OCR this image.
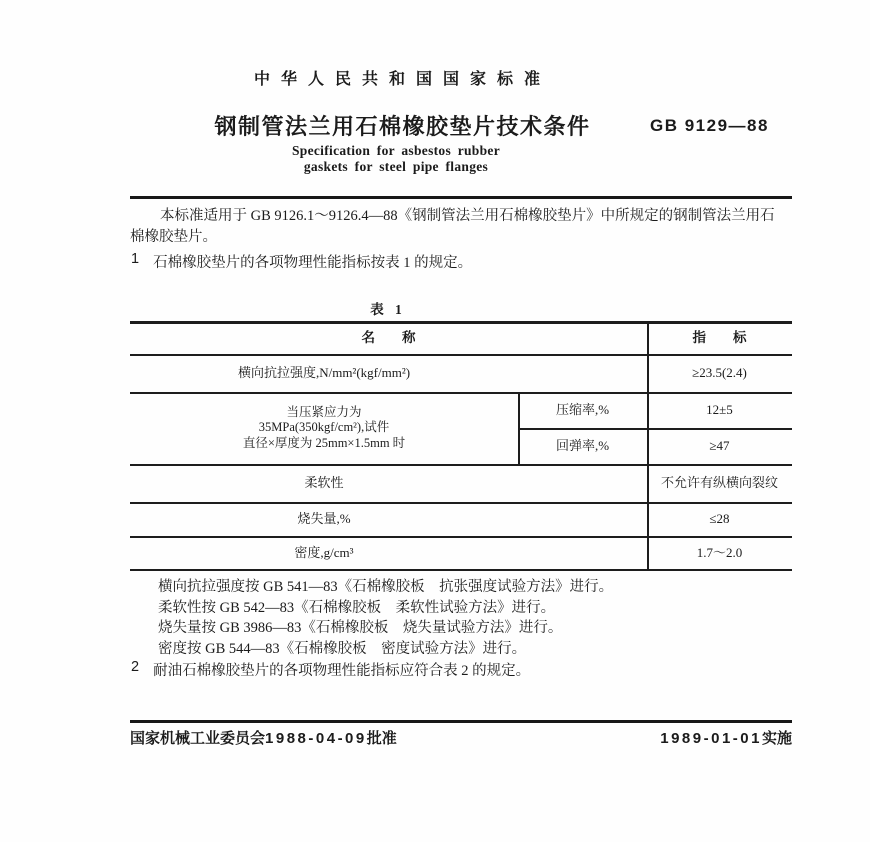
中华人民共和国国家标准
钢制管法兰用石棉橡胶垫片技术条件	GB 9129—88
Specification for asbestos rubber
gaskets for steel pipe flanges
本标准适用于 GB 9126.1～9126.4—88《钢制管法兰用石棉橡胶垫片》中所规定的钢制管法兰用石
棉橡胶垫片。
1 石棉橡胶垫片的各项物理性能指标按表 1 的规定。
表 1
名　　称	指　　标
横向抗拉强度,N/mm²(kgf/mm²)	≥23.5(2.4)
当压紧应力为
35MPa(350kgf/cm²),试件
直径×厚度为 25mm×1.5mm 时
压缩率,%	12±5
回弹率,%	≥47
柔软性	不允许有纵横向裂纹
烧失量,%	≤28
密度,g/cm³	1.7～2.0
横向抗拉强度按 GB 541—83《石棉橡胶板　抗张强度试验方法》进行。
柔软性按 GB 542—83《石棉橡胶板　柔软性试验方法》进行。
烧失量按 GB 3986—83《石棉橡胶板　烧失量试验方法》进行。
密度按 GB 544—83《石棉橡胶板　密度试验方法》进行。
2 耐油石棉橡胶垫片的各项物理性能指标应符合表 2 的规定。
国家机械工业委员会1988-04-09批准	1989-01-01实施
